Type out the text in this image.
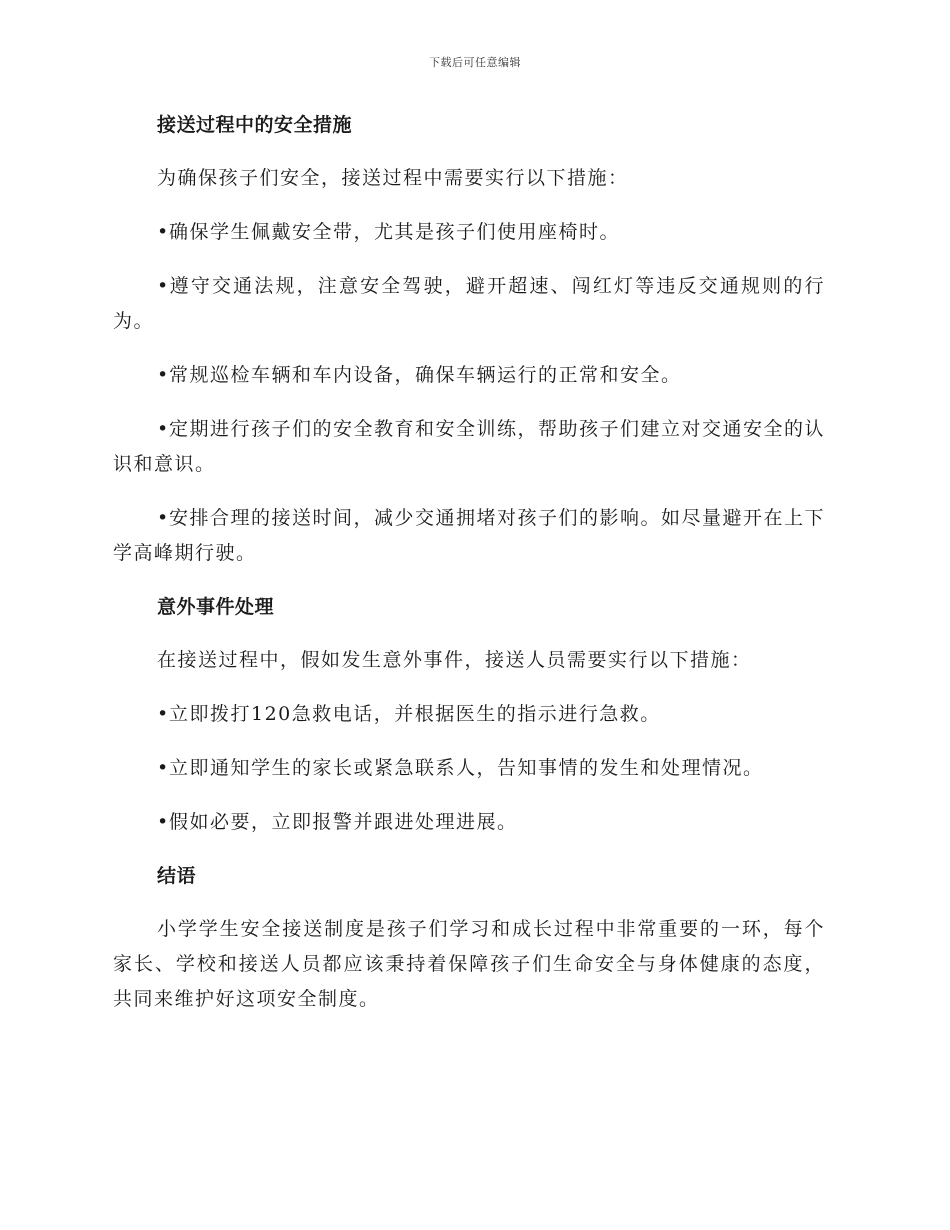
下载后可任意编辑
接送过程中的安全措施

为确保孩子们安全，接送过程中需要实行以下措施：

• 确保学生佩戴安全带，尤其是孩子们使用座椅时。

• 遵守交通法规，注意安全驾驶，避开超速、闯红灯等违反交通规则的行为。

• 常规巡检车辆和车内设备，确保车辆运行的正常和安全。

• 定期进行孩子们的安全教育和安全训练，帮助孩子们建立对交通安全的认识和意识。

• 安排合理的接送时间，减少交通拥堵对孩子们的影响。如尽量避开在上下学高峰期行驶。

意外事件处理

在接送过程中，假如发生意外事件，接送人员需要实行以下措施：

• 立即拨打120急救电话，并根据医生的指示进行急救。

• 立即通知学生的家长或紧急联系人，告知事情的发生和处理情况。

• 假如必要，立即报警并跟进处理进展。

结语

小学学生安全接送制度是孩子们学习和成长过程中非常重要的一环，每个家长、学校和接送人员都应该秉持着保障孩子们生命安全与身体健康的态度，共同来维护好这项安全制度。
